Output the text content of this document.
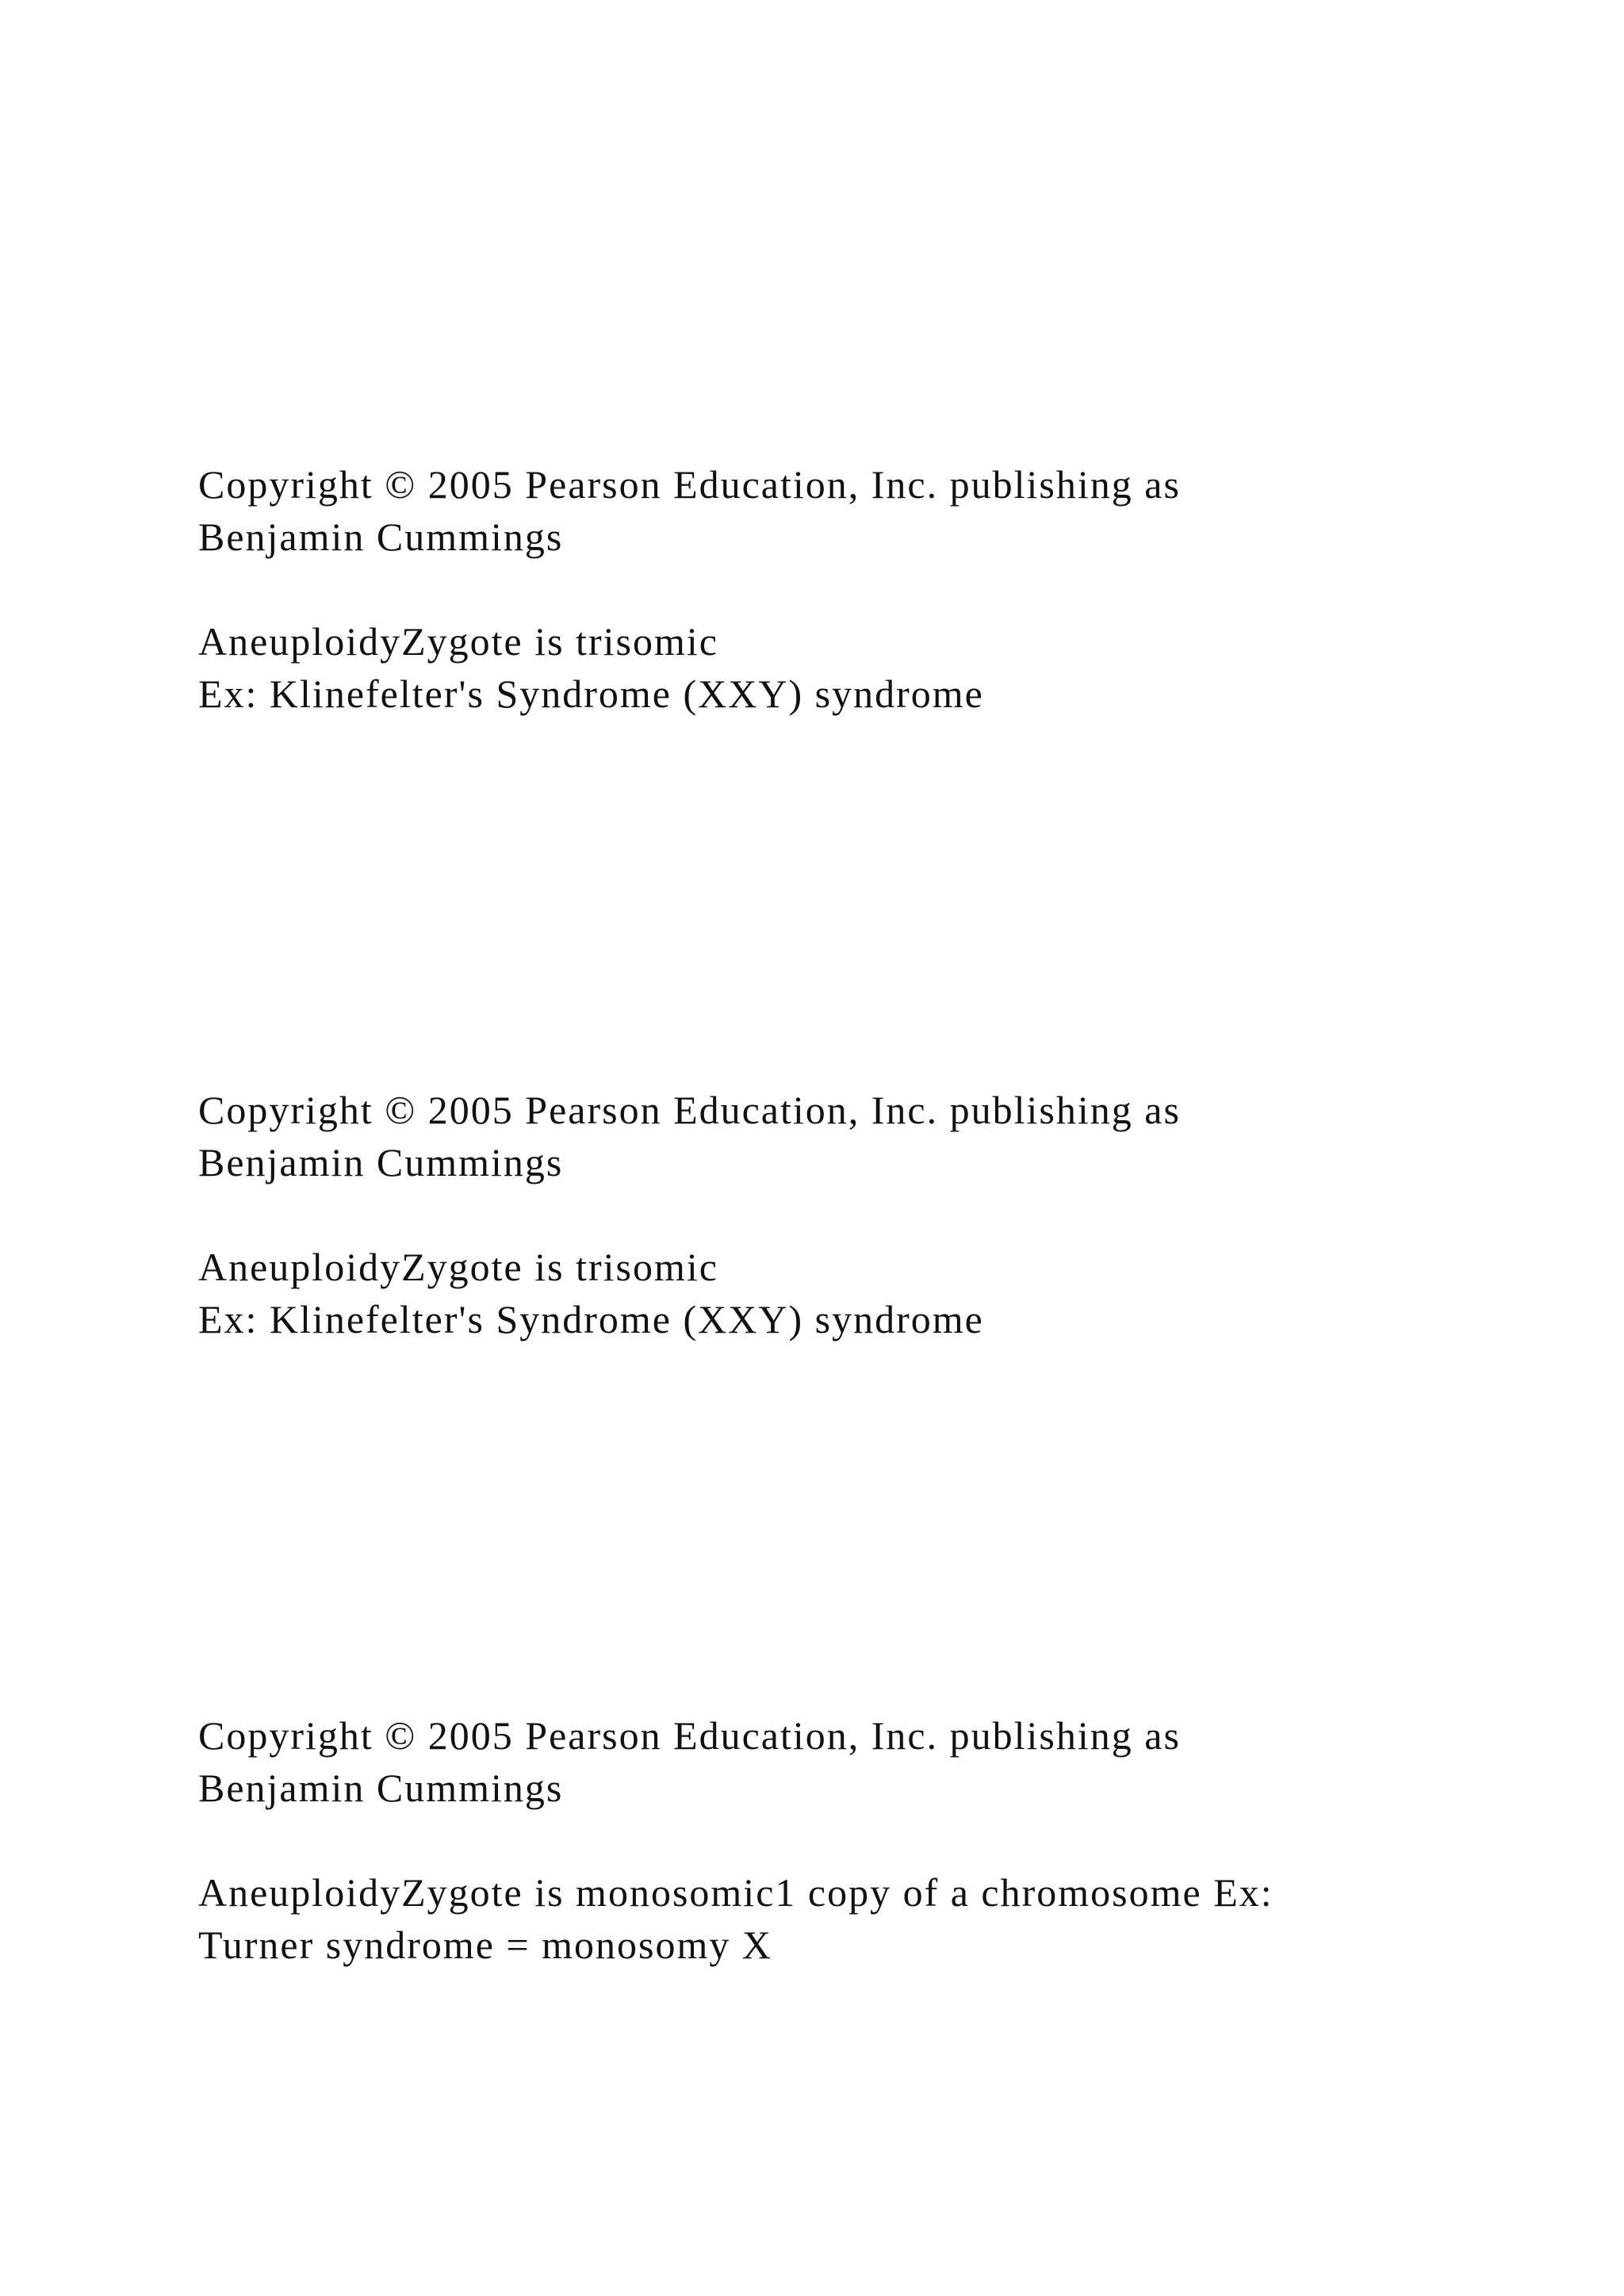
Copyright © 2005 Pearson Education, Inc. publishing as
Benjamin Cummings
AneuploidyZygote is trisomic
Ex: Klinefelter's Syndrome (XXY) syndrome
Copyright © 2005 Pearson Education, Inc. publishing as
Benjamin Cummings
AneuploidyZygote is trisomic
Ex: Klinefelter's Syndrome (XXY) syndrome
Copyright © 2005 Pearson Education, Inc. publishing as
Benjamin Cummings
AneuploidyZygote is monosomic1 copy of a chromosome Ex:
Turner syndrome = monosomy X
